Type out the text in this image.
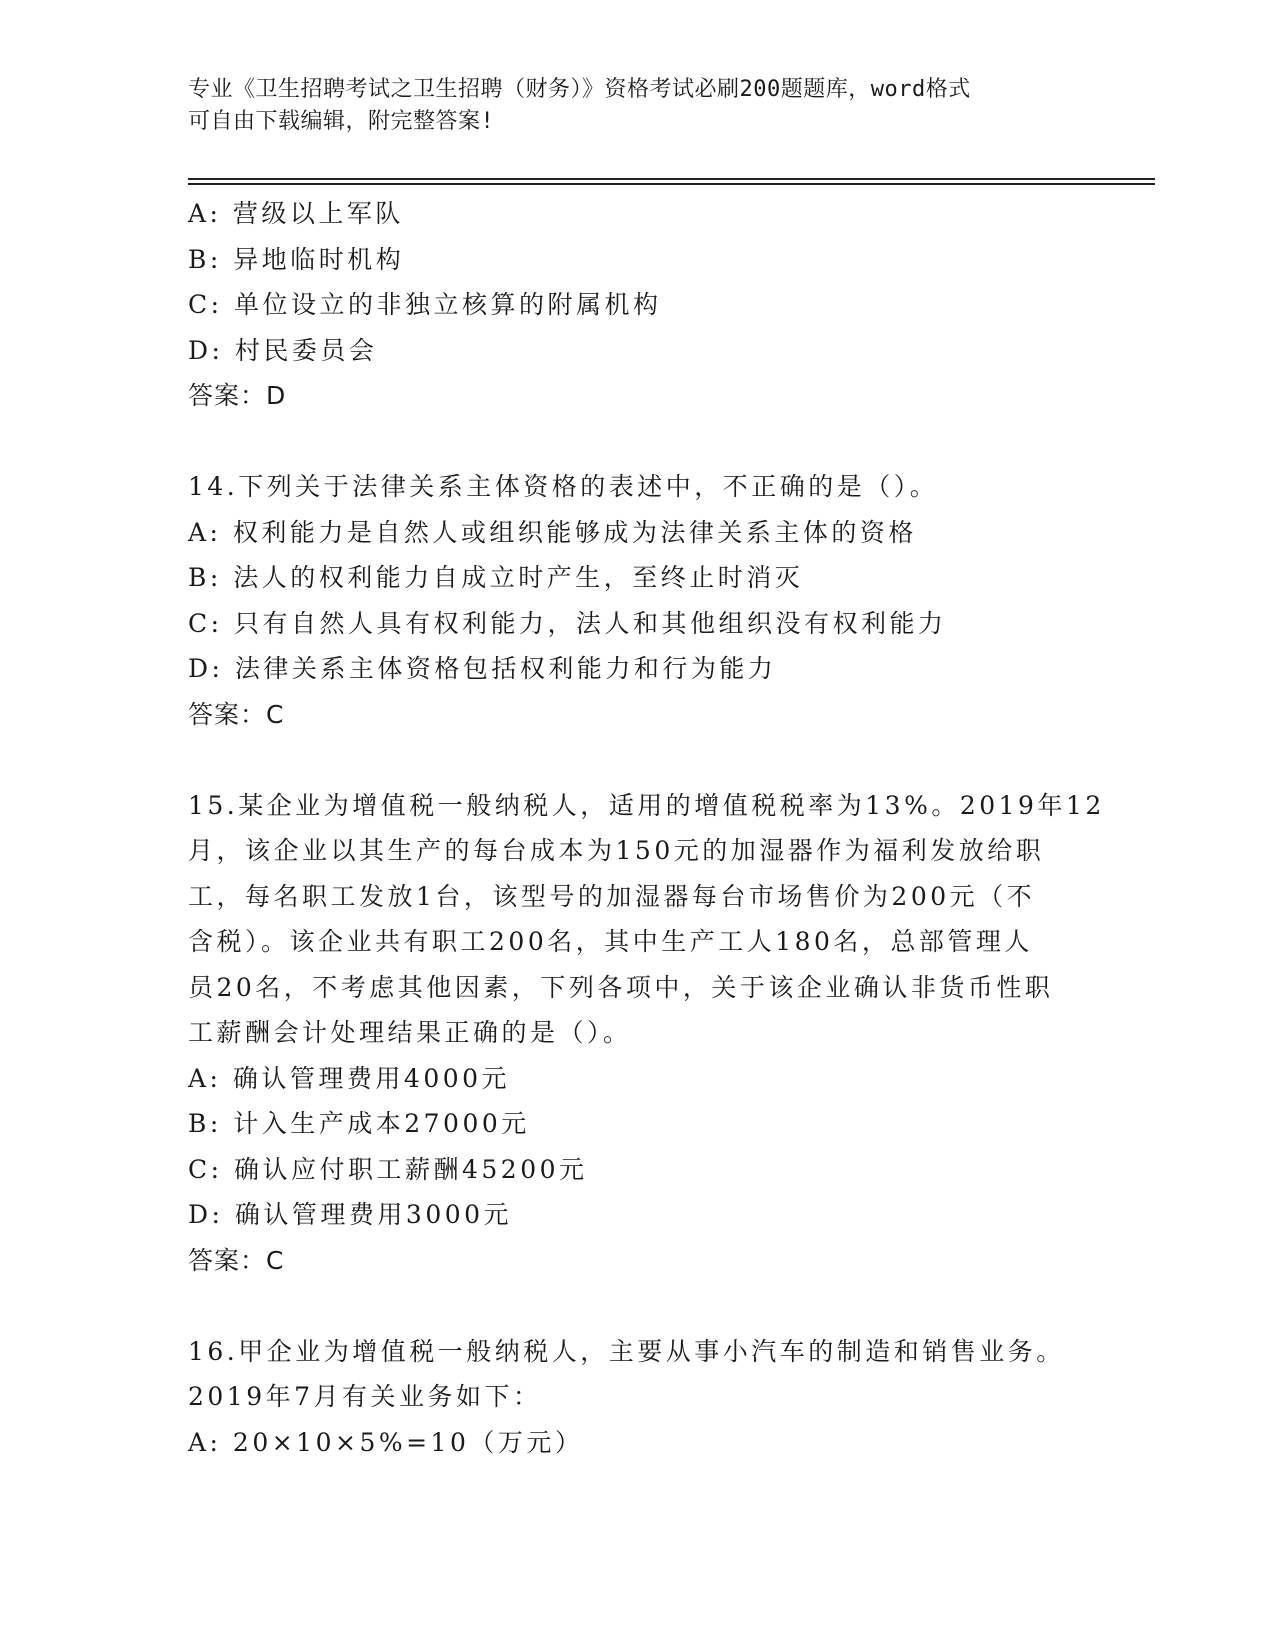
专业《卫生招聘考试之卫生招聘（财务）》资格考试必刷200题题库，word格式
可自由下载编辑，附完整答案!
A: 营级以上军队
B: 异地临时机构
C: 单位设立的非独立核算的附属机构
D: 村民委员会
答案：D
14.下列关于法律关系主体资格的表述中，不正确的是（）。
A: 权利能力是自然人或组织能够成为法律关系主体的资格
B: 法人的权利能力自成立时产生，至终止时消灭
C: 只有自然人具有权利能力，法人和其他组织没有权利能力
D: 法律关系主体资格包括权利能力和行为能力
答案：C
15.某企业为增值税一般纳税人，适用的增值税税率为13%。2019年12
月，该企业以其生产的每台成本为150元的加湿器作为福利发放给职
工，每名职工发放1台，该型号的加湿器每台市场售价为200元（不
含税）。该企业共有职工200名，其中生产工人180名，总部管理人
员20名，不考虑其他因素，下列各项中，关于该企业确认非货币性职
工薪酬会计处理结果正确的是（）。
A: 确认管理费用4000元
B: 计入生产成本27000元
C: 确认应付职工薪酬45200元
D: 确认管理费用3000元
答案：C
16.甲企业为增值税一般纳税人，主要从事小汽车的制造和销售业务。
2019年7月有关业务如下：
A: 20×10×5%=10（万元）
